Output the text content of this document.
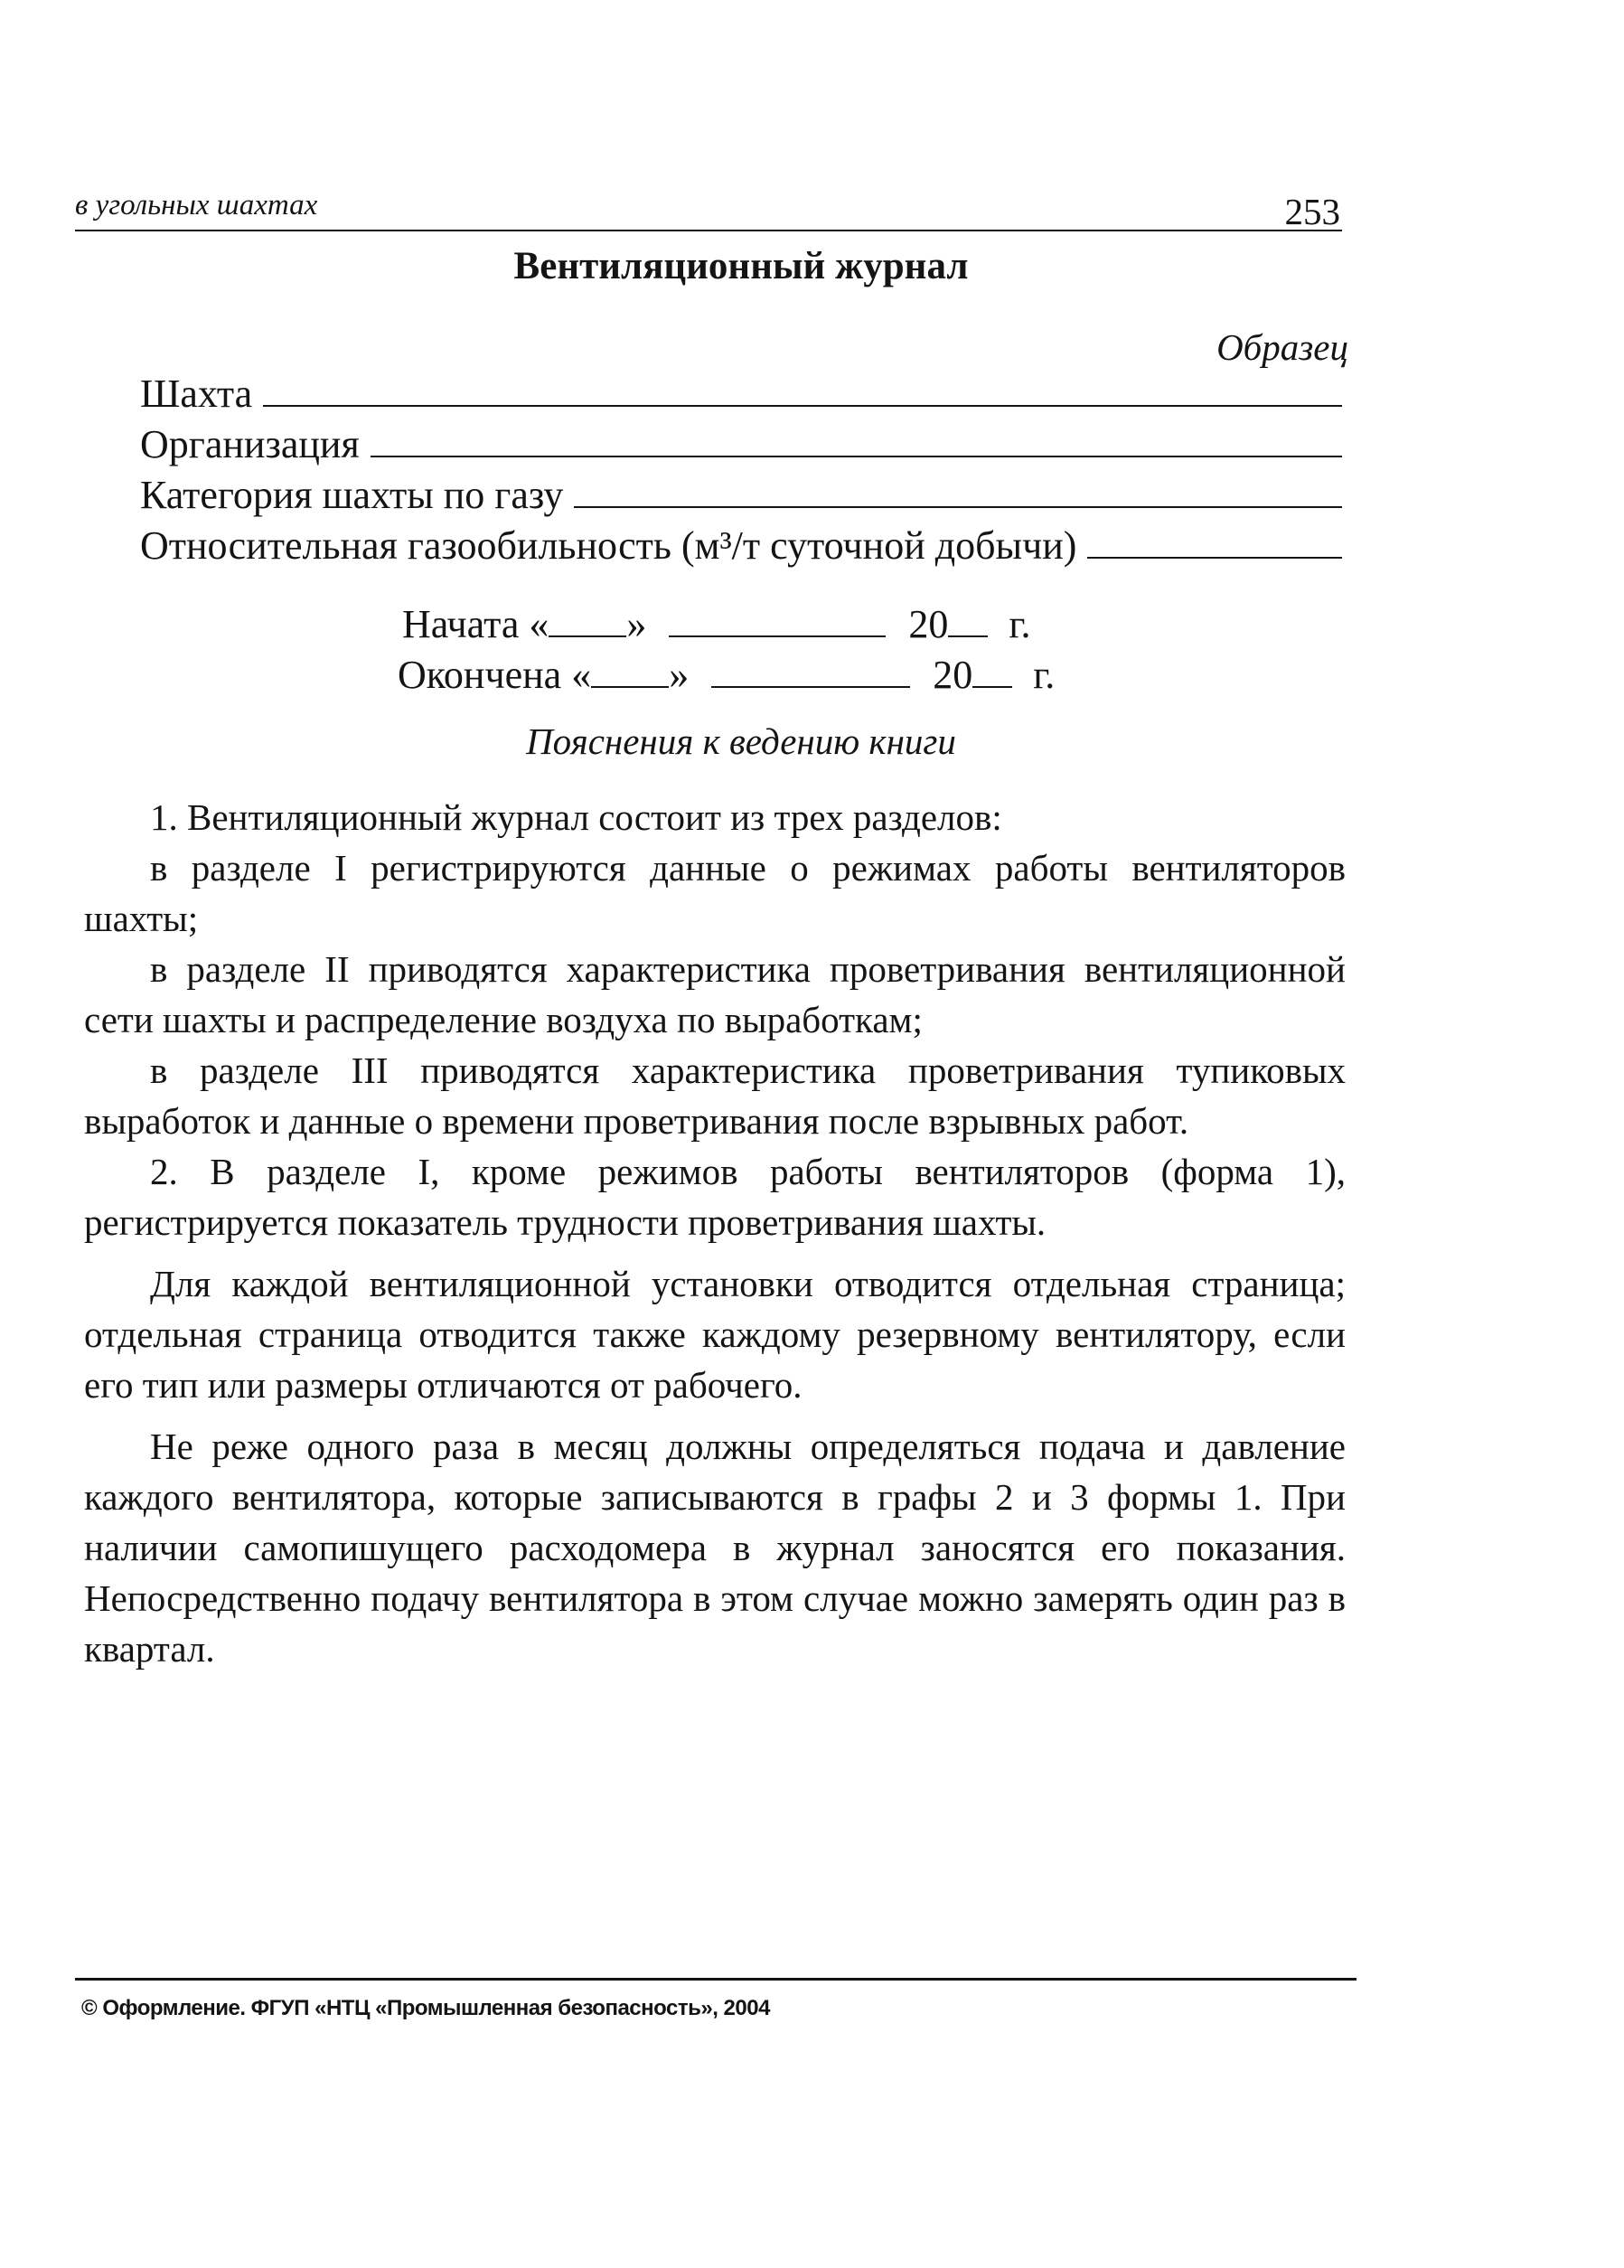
в угольных шахтах	253
Вентиляционный журнал
Образец
Шахта
Организация
Категория шахты по газу
Относительная газообильность (м³/т суточной добычи)
Начата « »	20 г.
Окончена « »	20 г.
Пояснения к ведению книги

1. Вентиляционный журнал состоит из трех разделов:

в разделе I регистрируются данные о режимах работы вентиляторов шахты;

в разделе II приводятся характеристика проветривания вентиляционной сети шахты и распределение воздуха по выработкам;

в разделе III приводятся характеристика проветривания тупиковых выработок и данные о времени проветривания после взрывных работ.

2. В разделе I, кроме режимов работы вентиляторов (форма 1), регистрируется показатель трудности проветривания шахты.

Для каждой вентиляционной установки отводится отдельная страница; отдельная страница отводится также каждому резервному вентилятору, если его тип или размеры отличаются от рабочего.

Не реже одного раза в месяц должны определяться подача и давление каждого вентилятора, которые записываются в графы 2 и 3 формы 1. При наличии самопишущего расходомера в журнал заносятся его показания. Непосредственно подачу вентилятора в этом случае можно замерять один раз в квартал.

© Оформление. ФГУП «НТЦ «Промышленная безопасность», 2004
